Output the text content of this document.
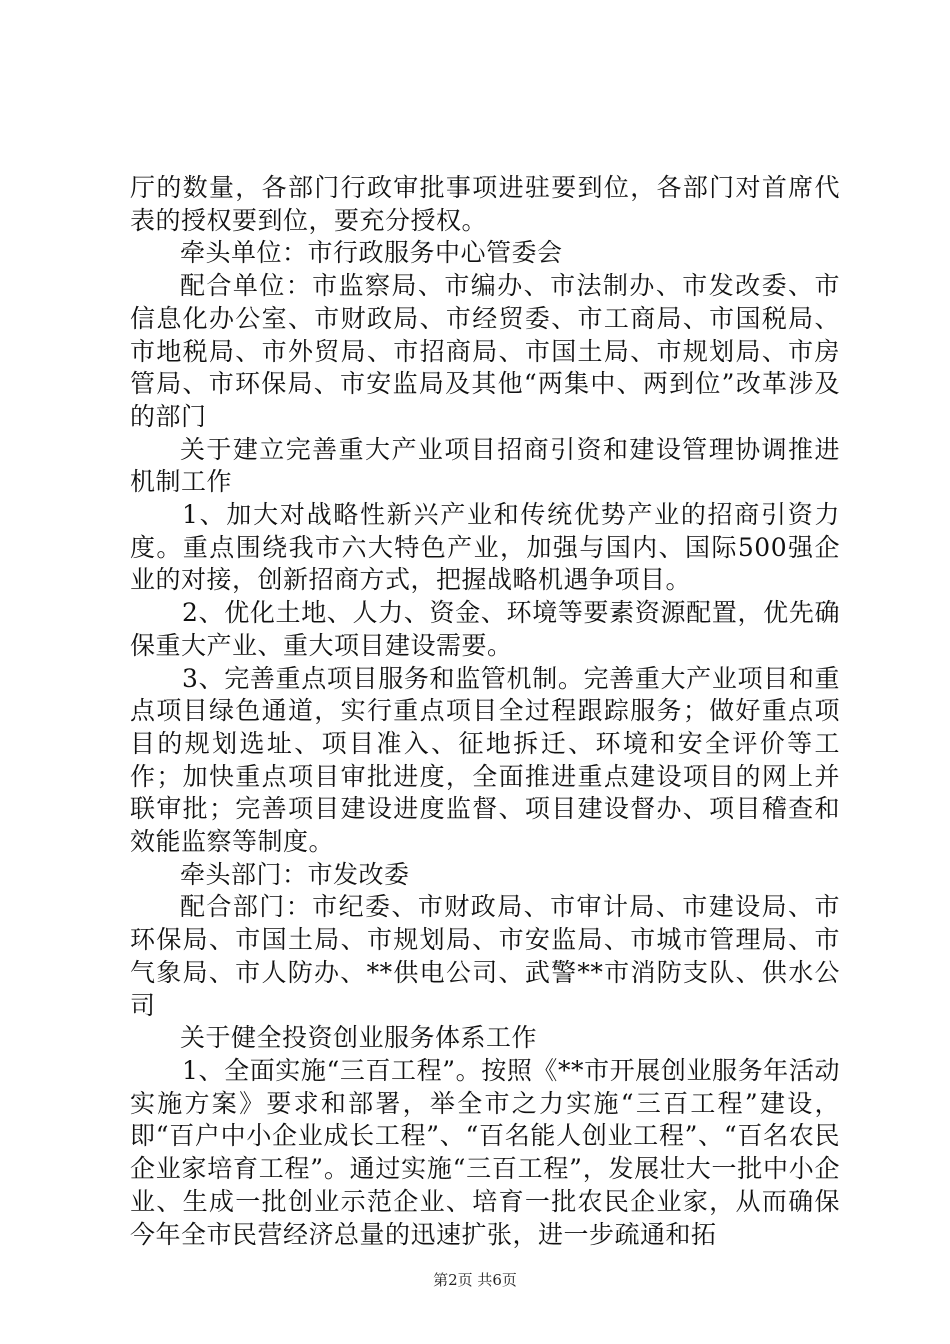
厅的数量，各部门行政审批事项进驻要到位，各部门对首席代表的授权要到位，要充分授权。

牵头单位：市行政服务中心管委会

配合单位：市监察局、市编办、市法制办、市发改委、市信息化办公室、市财政局、市经贸委、市工商局、市国税局、市地税局、市外贸局、市招商局、市国土局、市规划局、市房管局、市环保局、市安监局及其他“两集中、两到位”改革涉及的部门

关于建立完善重大产业项目招商引资和建设管理协调推进机制工作

1、加大对战略性新兴产业和传统优势产业的招商引资力度。重点围绕我市六大特色产业，加强与国内、国际500强企业的对接，创新招商方式，把握战略机遇争项目。

2、优化土地、人力、资金、环境等要素资源配置，优先确保重大产业、重大项目建设需要。

3、完善重点项目服务和监管机制。完善重大产业项目和重点项目绿色通道，实行重点项目全过程跟踪服务；做好重点项目的规划选址、项目准入、征地拆迁、环境和安全评价等工作；加快重点项目审批进度，全面推进重点建设项目的网上并联审批；完善项目建设进度监督、项目建设督办、项目稽查和效能监察等制度。

牵头部门：市发改委

配合部门：市纪委、市财政局、市审计局、市建设局、市环保局、市国土局、市规划局、市安监局、市城市管理局、市气象局、市人防办、**供电公司、武警**市消防支队、供水公司

关于健全投资创业服务体系工作

1、全面实施“三百工程”。按照《**市开展创业服务年活动实施方案》要求和部署，举全市之力实施“三百工程”建设，即“百户中小企业成长工程”、“百名能人创业工程”、“百名农民企业家培育工程”。通过实施“三百工程”，发展壮大一批中小企业、生成一批创业示范企业、培育一批农民企业家，从而确保今年全市民营经济总量的迅速扩张，进一步疏通和拓

第2页 共6页
